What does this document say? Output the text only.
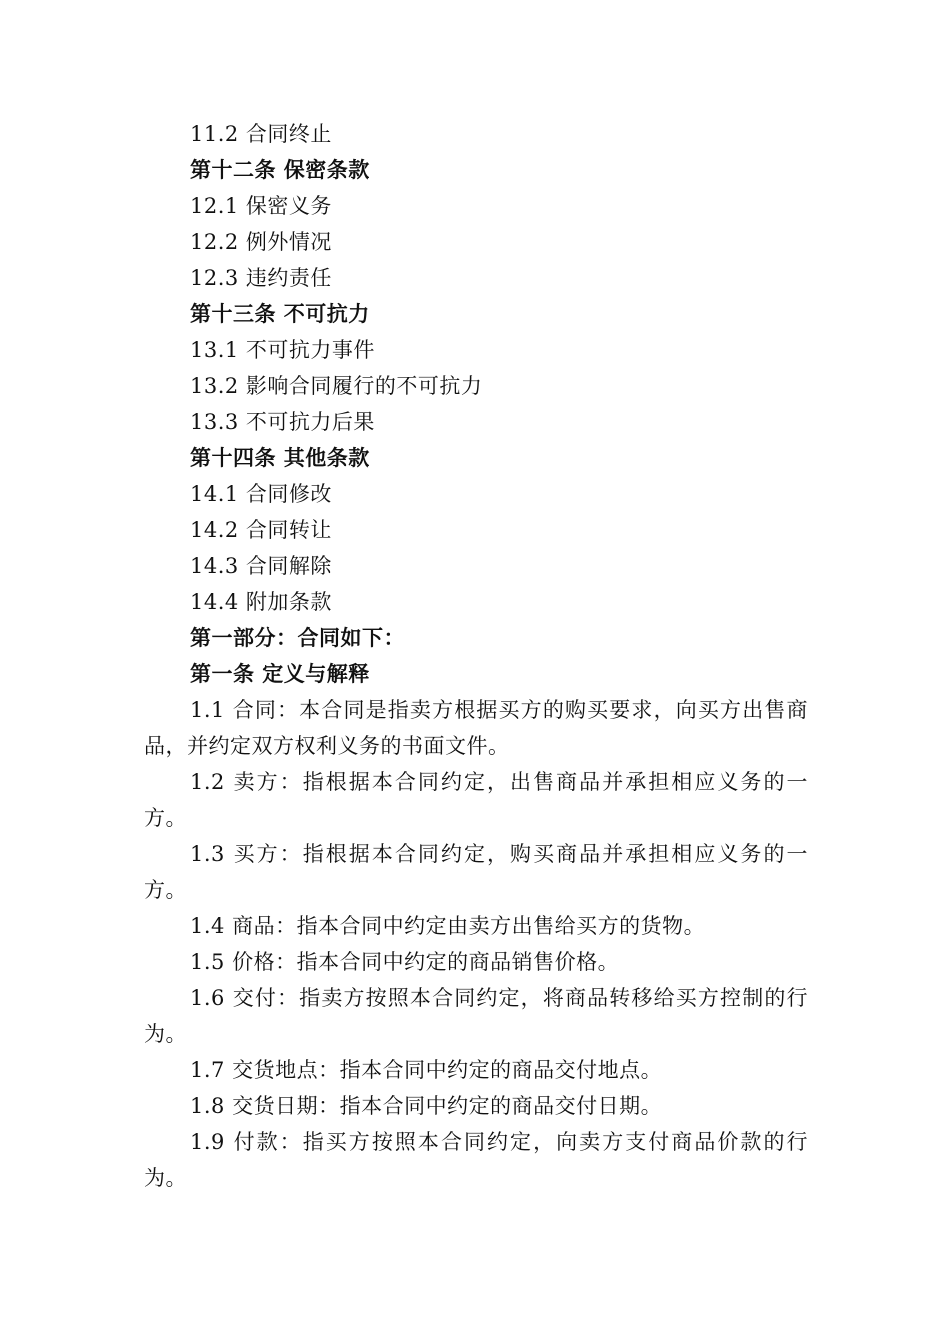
11.2 合同终止
第十二条 保密条款
12.1 保密义务
12.2 例外情况
12.3 违约责任
第十三条 不可抗力
13.1 不可抗力事件
13.2 影响合同履行的不可抗力
13.3 不可抗力后果
第十四条 其他条款
14.1 合同修改
14.2 合同转让
14.3 合同解除
14.4 附加条款
第一部分：合同如下：
第一条 定义与解释

1.1 合同：本合同是指卖方根据买方的购买要求，向买方出售商品，并约定双方权利义务的书面文件。

1.2 卖方：指根据本合同约定，出售商品并承担相应义务的一方。

1.3 买方：指根据本合同约定，购买商品并承担相应义务的一方。

1.4 商品：指本合同中约定由卖方出售给买方的货物。

1.5 价格：指本合同中约定的商品销售价格。

1.6 交付：指卖方按照本合同约定，将商品转移给买方控制的行为。

1.7 交货地点：指本合同中约定的商品交付地点。

1.8 交货日期：指本合同中约定的商品交付日期。

1.9 付款：指买方按照本合同约定，向卖方支付商品价款的行为。
